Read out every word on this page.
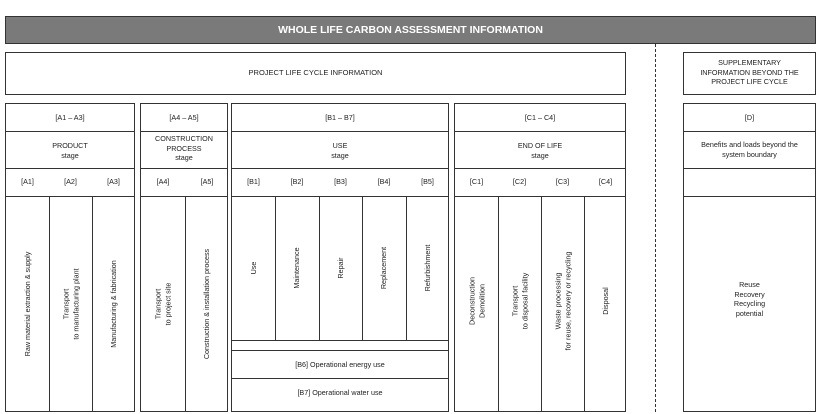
WHOLE LIFE CARBON ASSESSMENT INFORMATION
PROJECT LIFE CYCLE INFORMATION
SUPPLEMENTARY
INFORMATION BEYOND THE
PROJECT LIFE CYCLE
[A1 – A3]
PRODUCT
stage
[A1]	[A2]	[A3]
Raw material extraction & supply	Transport to manufacturing plant	Manufacturing & fabrication
[A4 – A5]
CONSTRUCTION
PROCESS
stage
[A4]	[A5]
Transport to project site	Construction & installation process
[B1 – B7]
USE
stage
[B1]	[B2]	[B3]	[B4]	[B5]
Use	Maintenance	Repair	Replacement	Refurbishment
[B6] Operational energy use
[B7] Operational water use
[C1 – C4]
END OF LIFE
stage
[C1]	[C2]	[C3]	[C4]
Deconstruction Demolition	Transport to disposal facility	Waste processing for reuse, recovery or recycling	Disposal
[D]
Benefits and loads beyond the
system boundary
Reuse
Recovery
Recycling
potential
